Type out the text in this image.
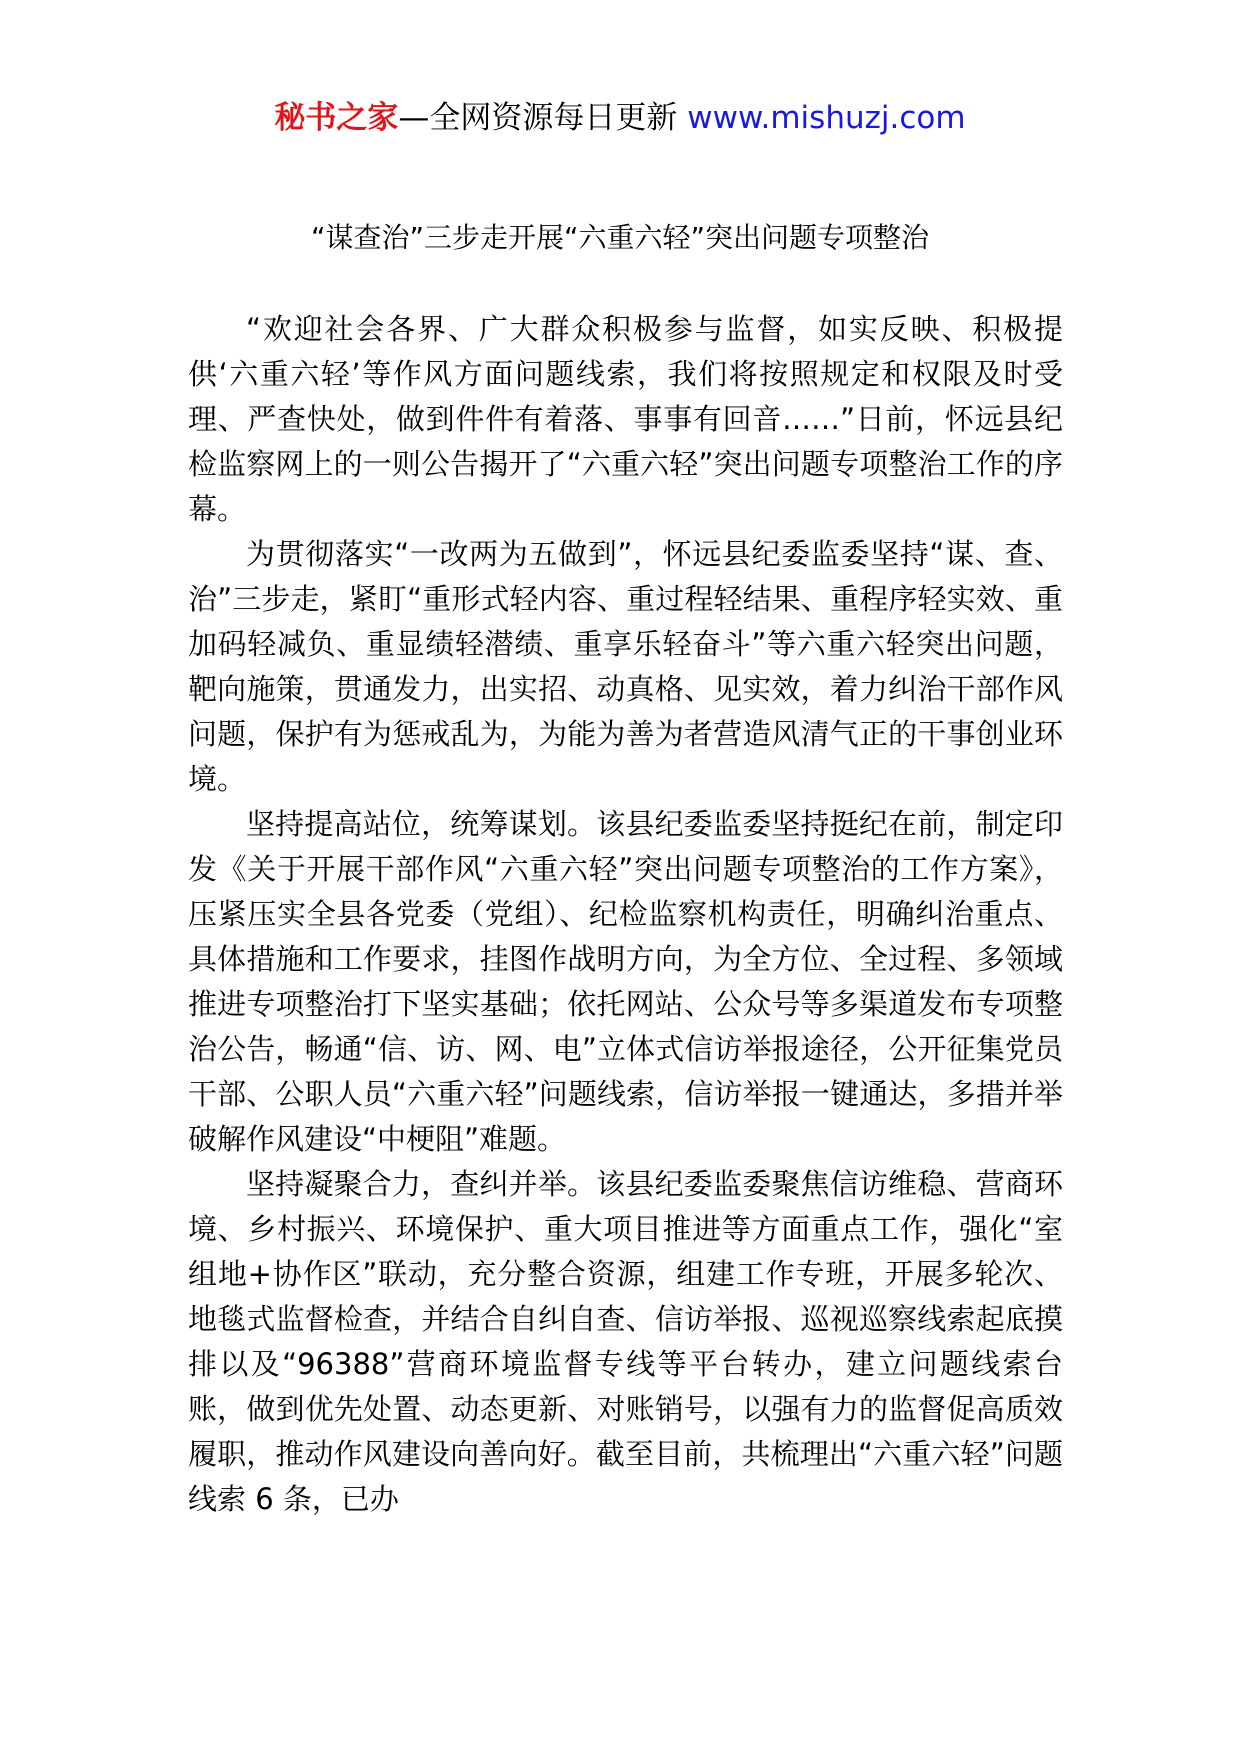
秘书之家—全网资源每日更新 www.mishuzj.com
“谋查治”三步走开展“六重六轻”突出问题专项整治

“欢迎社会各界、广大群众积极参与监督，如实反映、积极提供‘六重六轻’等作风方面问题线索，我们将按照规定和权限及时受理、严查快处，做到件件有着落、事事有回音……”日前，怀远县纪检监察网上的一则公告揭开了“六重六轻”突出问题专项整治工作的序幕。

为贯彻落实“一改两为五做到”，怀远县纪委监委坚持“谋、查、治”三步走，紧盯“重形式轻内容、重过程轻结果、重程序轻实效、重加码轻减负、重显绩轻潜绩、重享乐轻奋斗”等六重六轻突出问题，靶向施策，贯通发力，出实招、动真格、见实效，着力纠治干部作风问题，保护有为惩戒乱为，为能为善为者营造风清气正的干事创业环境。

坚持提高站位，统筹谋划。该县纪委监委坚持挺纪在前，制定印发《关于开展干部作风“六重六轻”突出问题专项整治的工作方案》，压紧压实全县各党委（党组）、纪检监察机构责任，明确纠治重点、具体措施和工作要求，挂图作战明方向，为全方位、全过程、多领域推进专项整治打下坚实基础；依托网站、公众号等多渠道发布专项整治公告，畅通“信、访、网、电”立体式信访举报途径，公开征集党员干部、公职人员“六重六轻”问题线索，信访举报一键通达，多措并举破解作风建设“中梗阻”难题。

坚持凝聚合力，查纠并举。该县纪委监委聚焦信访维稳、营商环境、乡村振兴、环境保护、重大项目推进等方面重点工作，强化“室组地+协作区”联动，充分整合资源，组建工作专班，开展多轮次、地毯式监督检查，并结合自纠自查、信访举报、巡视巡察线索起底摸排以及“96388”营商环境监督专线等平台转办，建立问题线索台账，做到优先处置、动态更新、对账销号，以强有力的监督促高质效履职，推动作风建设向善向好。截至目前，共梳理出“六重六轻”问题线索 6 条，已办
